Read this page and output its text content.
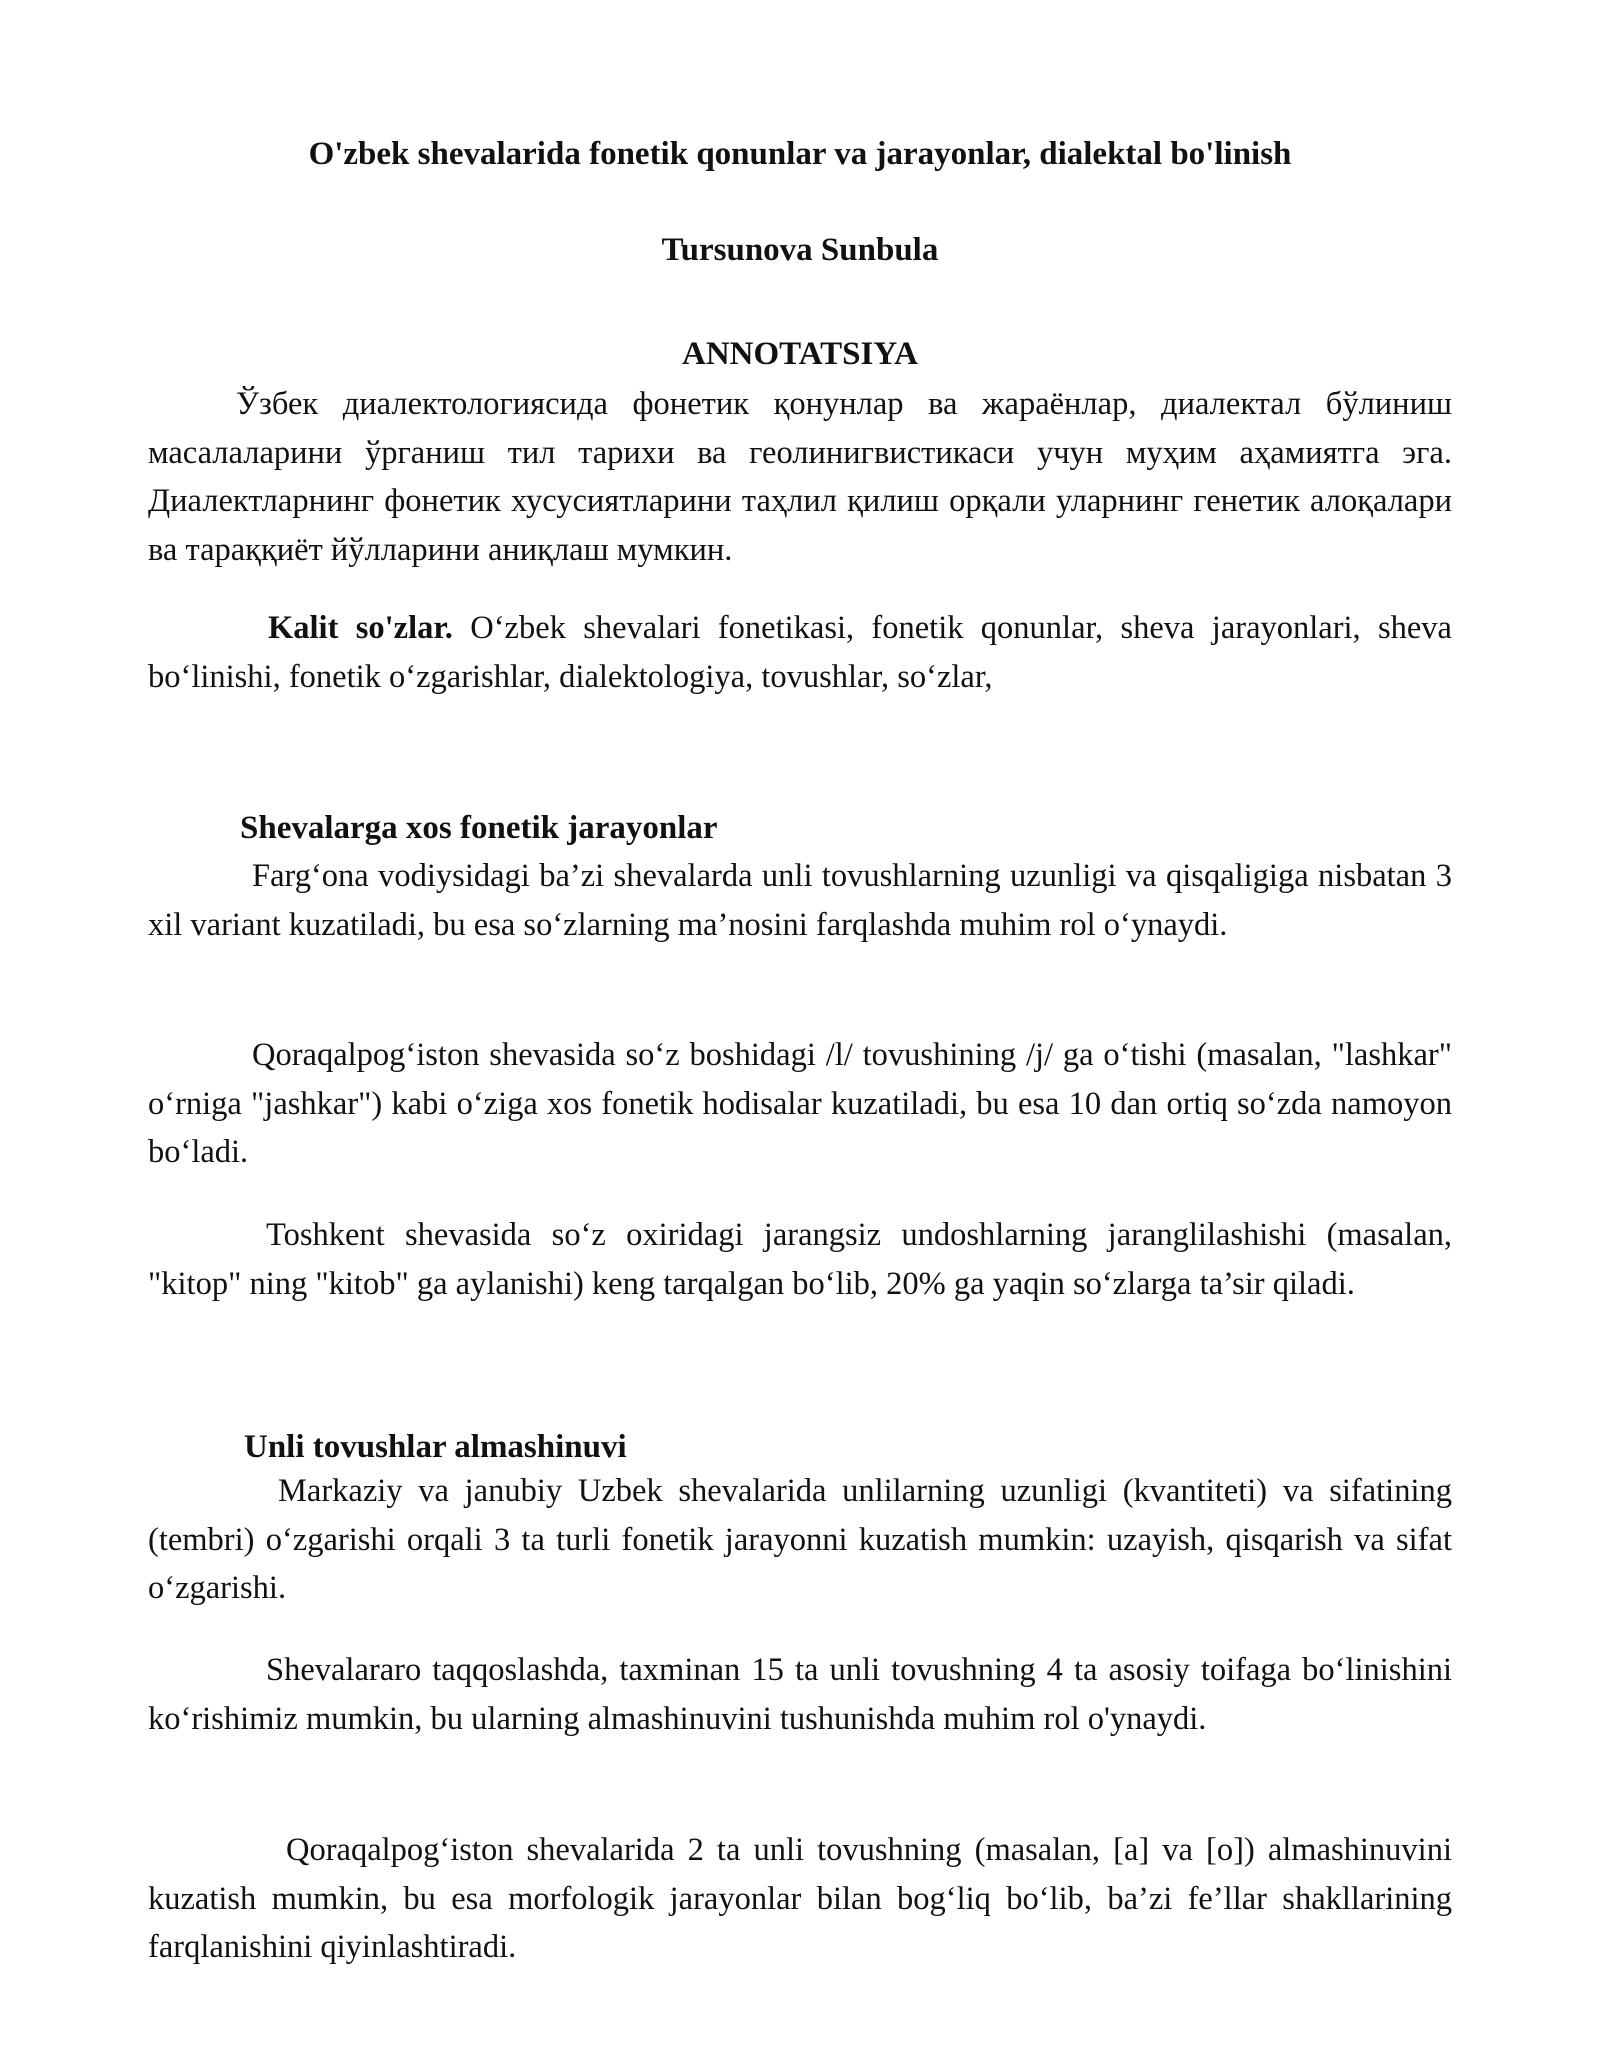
O'zbek shevalarida fonetik qonunlar va jarayonlar, dialektal bo'linish

Tursunova Sunbula

ANNOTATSIYA

Ўзбек диалектологиясида фонетик қонунлар ва жараёнлар, диалектал бўлиниш масалаларини ўрганиш тил тарихи ва геолинигвистикаси учун муҳим аҳамиятга эга. Диалектларнинг фонетик хусусиятларини таҳлил қилиш орқали уларнинг генетик алоқалари ва тараққиёт йўлларини аниқлаш мумкин.

Kalit so'zlar. O‘zbek shevalari fonetikasi, fonetik qonunlar, sheva jarayonlari, sheva bo‘linishi, fonetik o‘zgarishlar, dialektologiya, tovushlar, so‘zlar,

Shevalarga xos fonetik jarayonlar

Farg‘ona vodiysidagi ba’zi shevalarda unli tovushlarning uzunligi va qisqaligiga nisbatan 3 xil variant kuzatiladi, bu esa so‘zlarning ma’nosini farqlashda muhim rol o‘ynaydi.

Qoraqalpog‘iston shevasida so‘z boshidagi /l/ tovushining /j/ ga o‘tishi (masalan, "lashkar" o‘rniga "jashkar") kabi o‘ziga xos fonetik hodisalar kuzatiladi, bu esa 10 dan ortiq so‘zda namoyon bo‘ladi.

Toshkent shevasida so‘z oxiridagi jarangsiz undoshlarning jaranglilashishi (masalan, "kitop" ning "kitob" ga aylanishi) keng tarqalgan bo‘lib, 20% ga yaqin so‘zlarga ta’sir qiladi.

Unli tovushlar almashinuvi

Markaziy va janubiy Uzbek shevalarida unlilarning uzunligi (kvantiteti) va sifatining (tembri) o‘zgarishi orqali 3 ta turli fonetik jarayonni kuzatish mumkin: uzayish, qisqarish va sifat o‘zgarishi.

Shevalararo taqqoslashda, taxminan 15 ta unli tovushning 4 ta asosiy toifaga bo‘linishini ko‘rishimiz mumkin, bu ularning almashinuvini tushunishda muhim rol o'ynaydi.

Qoraqalpog‘iston shevalarida 2 ta unli tovushning (masalan, [a] va [o]) almashinuvini kuzatish mumkin, bu esa morfologik jarayonlar bilan bog‘liq bo‘lib, ba’zi fe’llar shakllarining farqlanishini qiyinlashtiradi.
